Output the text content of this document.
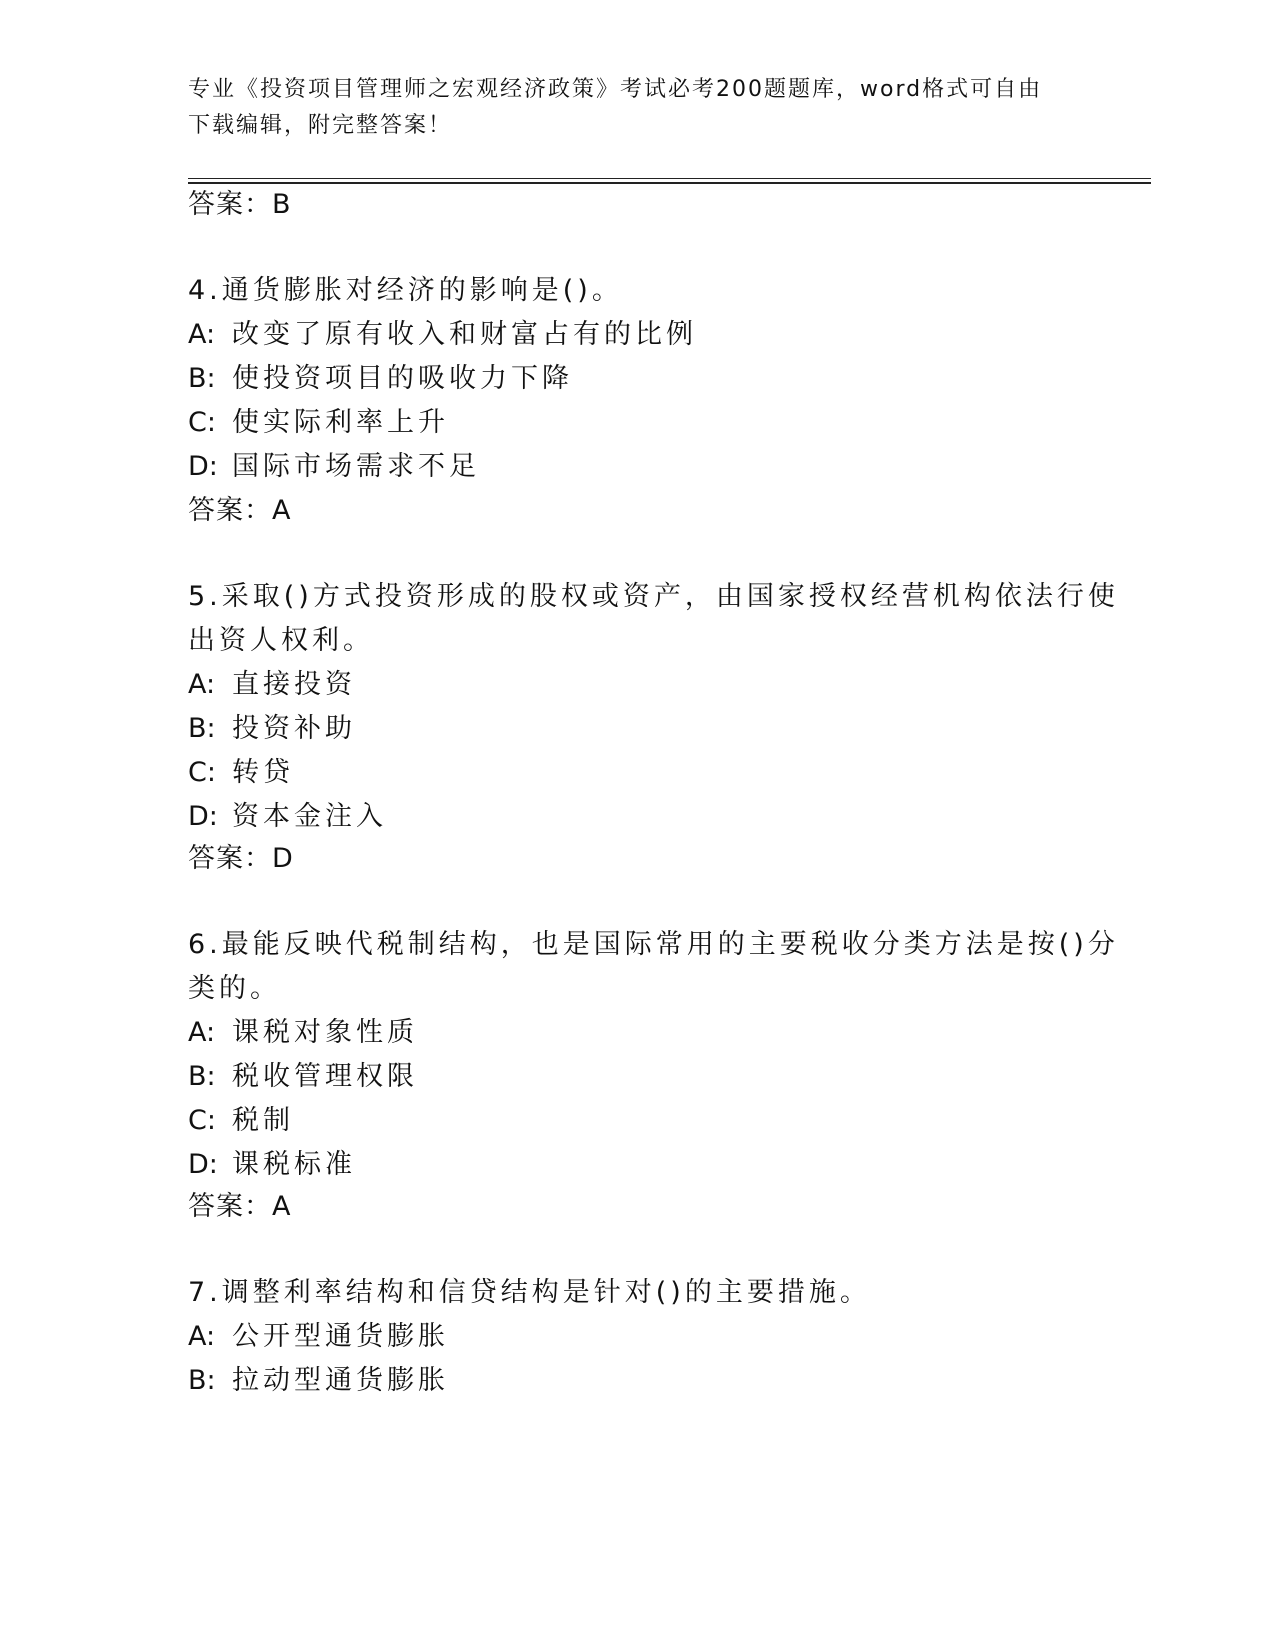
专业《投资项目管理师之宏观经济政策》考试必考200题题库，word格式可自由
下载编辑，附完整答案！
答案：B
4.通货膨胀对经济的影响是()。
A: 改变了原有收入和财富占有的比例
B: 使投资项目的吸收力下降
C: 使实际利率上升
D: 国际市场需求不足
答案：A
5.采取()方式投资形成的股权或资产，由国家授权经营机构依法行使
出资人权利。
A: 直接投资
B: 投资补助
C: 转贷
D: 资本金注入
答案：D
6.最能反映代税制结构，也是国际常用的主要税收分类方法是按()分
类的。
A: 课税对象性质
B: 税收管理权限
C: 税制
D: 课税标准
答案：A
7.调整利率结构和信贷结构是针对()的主要措施。
A: 公开型通货膨胀
B: 拉动型通货膨胀
